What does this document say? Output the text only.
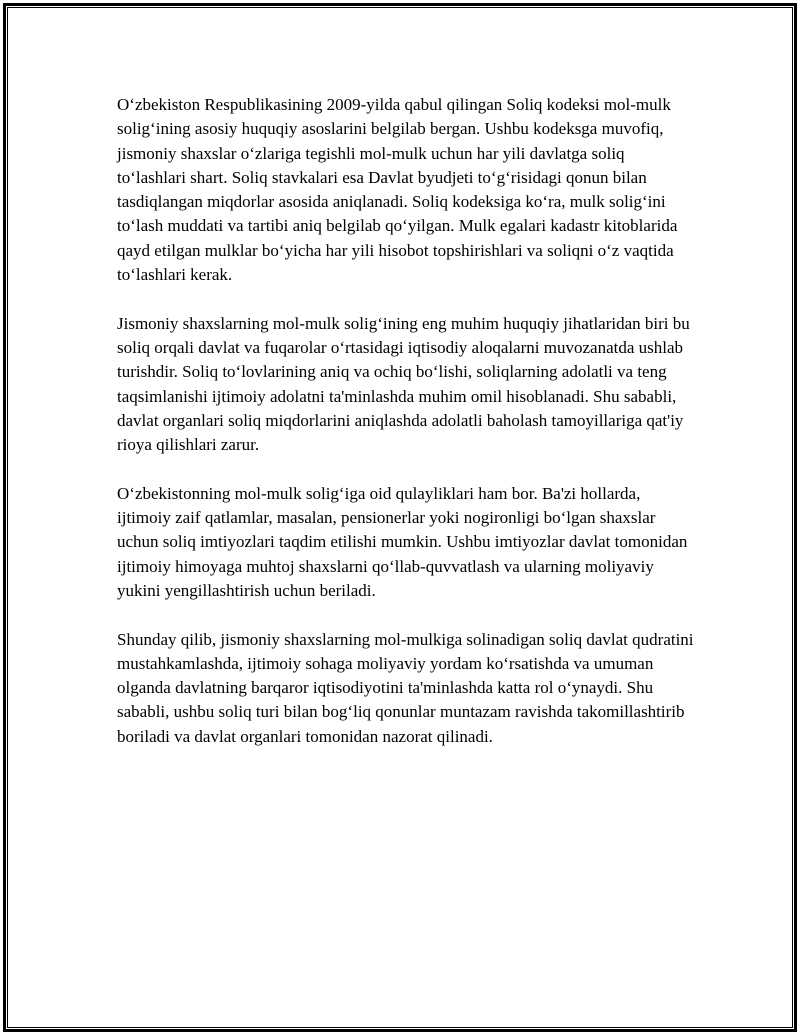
O‘zbekiston Respublikasining 2009-yilda qabul qilingan Soliq kodeksi mol-mulk solig‘ining asosiy huquqiy asoslarini belgilab bergan. Ushbu kodeksga muvofiq, jismoniy shaxslar o‘zlariga tegishli mol-mulk uchun har yili davlatga soliq to‘lashlari shart. Soliq stavkalari esa Davlat byudjeti to‘g‘risidagi qonun bilan tasdiqlangan miqdorlar asosida aniqlanadi. Soliq kodeksiga ko‘ra, mulk solig‘ini to‘lash muddati va tartibi aniq belgilab qo‘yilgan. Mulk egalari kadastr kitoblarida qayd etilgan mulklar bo‘yicha har yili hisobot topshirishlari va soliqni o‘z vaqtida to‘lashlari kerak.

Jismoniy shaxslarning mol-mulk solig‘ining eng muhim huquqiy jihatlaridan biri bu soliq orqali davlat va fuqarolar o‘rtasidagi iqtisodiy aloqalarni muvozanatda ushlab turishdir. Soliq to‘lovlarining aniq va ochiq bo‘lishi, soliqlarning adolatli va teng taqsimlanishi ijtimoiy adolatni ta'minlashda muhim omil hisoblanadi. Shu sababli, davlat organlari soliq miqdorlarini aniqlashda adolatli baholash tamoyillariga qat'iy rioya qilishlari zarur.

O‘zbekistonning mol-mulk solig‘iga oid qulayliklari ham bor. Ba'zi hollarda, ijtimoiy zaif qatlamlar, masalan, pensionerlar yoki nogironligi bo‘lgan shaxslar uchun soliq imtiyozlari taqdim etilishi mumkin. Ushbu imtiyozlar davlat tomonidan ijtimoiy himoyaga muhtoj shaxslarni qo‘llab-quvvatlash va ularning moliyaviy yukini yengillashtirish uchun beriladi.

Shunday qilib, jismoniy shaxslarning mol-mulkiga solinadigan soliq davlat qudratini mustahkamlashda, ijtimoiy sohaga moliyaviy yordam ko‘rsatishda va umuman olganda davlatning barqaror iqtisodiyotini ta'minlashda katta rol o‘ynaydi. Shu sababli, ushbu soliq turi bilan bog‘liq qonunlar muntazam ravishda takomillashtirib boriladi va davlat organlari tomonidan nazorat qilinadi.
